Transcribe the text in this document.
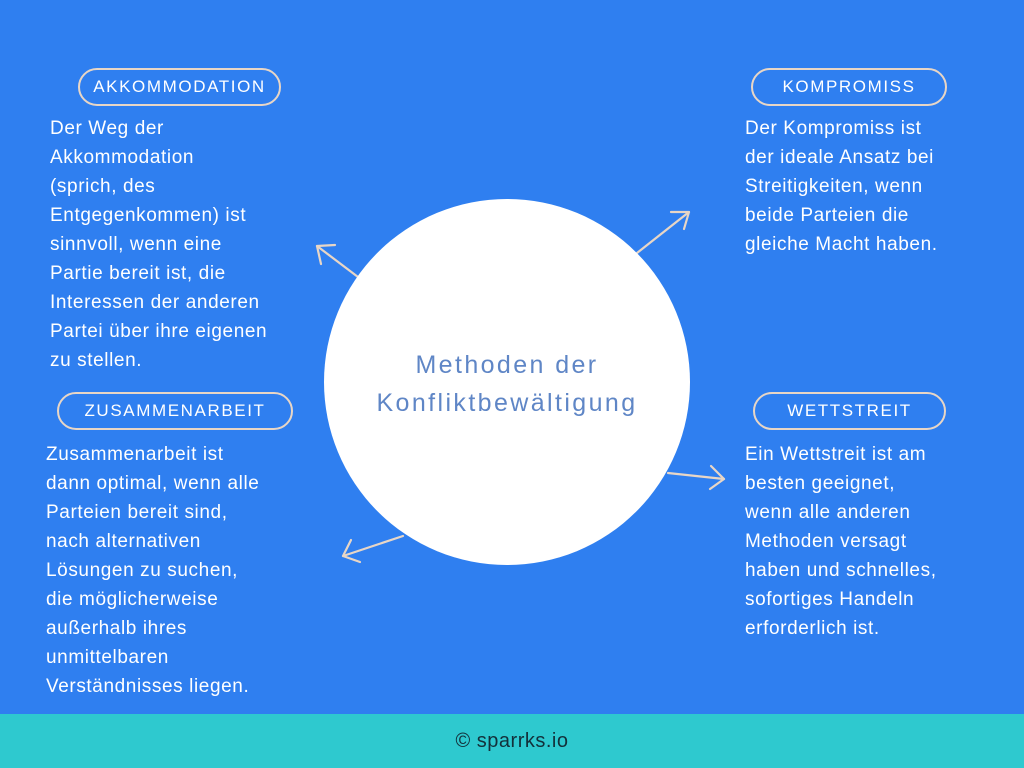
Methoden der
Konfliktbewältigung
AKKOMMODATION

Der Weg der
Akkommodation
(sprich, des
Entgegenkommen) ist
sinnvoll, wenn eine
Partie bereit ist, die
Interessen der anderen
Partei über ihre eigenen
zu stellen.

KOMPROMISS

Der Kompromiss ist
der ideale Ansatz bei
Streitigkeiten, wenn
beide Parteien die
gleiche Macht haben.

ZUSAMMENARBEIT

Zusammenarbeit ist
dann optimal, wenn alle
Parteien bereit sind,
nach alternativen
Lösungen zu suchen,
die möglicherweise
außerhalb ihres
unmittelbaren
Verständnisses liegen.

WETTSTREIT

Ein Wettstreit ist am
besten geeignet,
wenn alle anderen
Methoden versagt
haben und schnelles,
sofortiges Handeln
erforderlich ist.

© sparrks.io
